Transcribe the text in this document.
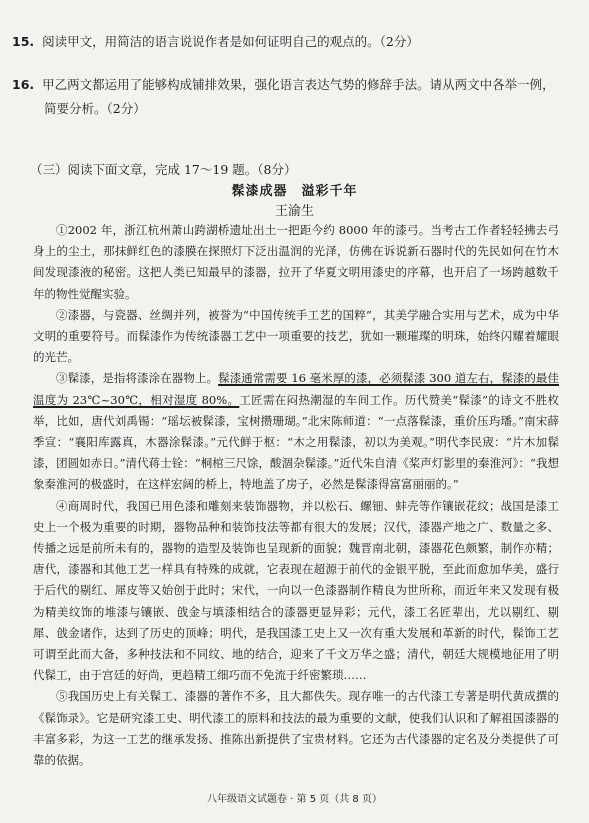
15. 阅读甲文，用简洁的语言说说作者是如何证明自己的观点的。（2分）
16. 甲乙两文都运用了能够构成铺排效果，强化语言表达气势的修辞手法。请从两文中各举一例，
简要分析。（2分）
（三）阅读下面文章，完成 17～19 题。（8分）
髹漆成器　溢彩千年
王渝生

①2002 年，浙江杭州萧山跨湖桥遗址出土一把距今约 8000 年的漆弓。当考古工作者轻轻拂去弓身上的尘土，那抹鲜红色的漆膜在探照灯下泛出温润的光泽，仿佛在诉说新石器时代的先民如何在竹木间发现漆液的秘密。这把人类已知最早的漆器，拉开了华夏文明用漆史的序幕，也开启了一场跨越数千年的物性觉醒实验。

②漆器，与瓷器、丝绸并列，被誉为“中国传统手工艺的国粹”，其美学融合实用与艺术，成为中华文明的重要符号。而髹漆作为传统漆器工艺中一项重要的技艺，犹如一颗璀璨的明珠，始终闪耀着耀眼的光芒。

③髹漆，是指将漆涂在器物上。髹漆通常需要 16 毫米厚的漆，必须髹漆 300 道左右，髹漆的最佳温度为 23℃~30℃，相对湿度 80%。工匠需在闷热潮湿的车间工作。历代赞美“髹漆”的诗文不胜枚举，比如，唐代刘禹锡：“瑶坛被髹漆，宝树攒珊瑚。”北宋陈师道：“一点落髹漆，重价压玙璠。”南宋薛季宣：“襄阳库露真，木器涂髹漆。”元代鲜于枢：“木之用髹漆，初以为美观。”明代李民宬：“片木加髹漆，团圆如赤日。”清代蒋士铨：“桐棺三尺馀，酸涸杂髹漆。”近代朱自清《桨声灯影里的秦淮河》：“我想象秦淮河的极盛时，在这样宏阔的桥上，特地盖了房子，必然是髹漆得富富丽丽的。”

④商周时代，我国已用色漆和雕刻来装饰器物，并以松石、螺钿、蚌壳等作镶嵌花纹；战国是漆工史上一个极为重要的时期，器物品种和装饰技法等都有很大的发展；汉代，漆器产地之广、数量之多、传播之远是前所未有的，器物的造型及装饰也呈现新的面貌；魏晋南北朝，漆器花色颇繁，制作亦精；唐代，漆器和其他工艺一样具有特殊的成就，它表现在超源于前代的金银平脱，至此而愈加华美，盛行于后代的剔红、犀皮等又始创于此时；宋代，一向以一色漆器制作精良为世所称，而近年来又发现有极为精美纹饰的堆漆与镶嵌、戗金与填漆相结合的漆器更显异彩；元代，漆工名匠辈出，尤以剔红、剔犀、戗金诸作，达到了历史的顶峰；明代，是我国漆工史上又一次有重大发展和革新的时代，髹饰工艺可谓至此而大备，多种技法和不同纹、地的结合，迎来了千文万华之盛；清代，朝廷大规模地征用了明代髹工，由于宫廷的好尚，更趋精工细巧而不免流于纤密繁琐……

⑤我国历史上有关髹工、漆器的著作不多，且大都佚失。现存唯一的古代漆工专著是明代黄成撰的《髹饰录》。它是研究漆工史、明代漆工的原料和技法的最为重要的文献，使我们认识和了解祖国漆器的丰富多彩，为这一工艺的继承发扬、推陈出新提供了宝贵材料。它还为古代漆器的定名及分类提供了可靠的依据。

八年级语文试题卷 · 第 5 页（共 8 页）
